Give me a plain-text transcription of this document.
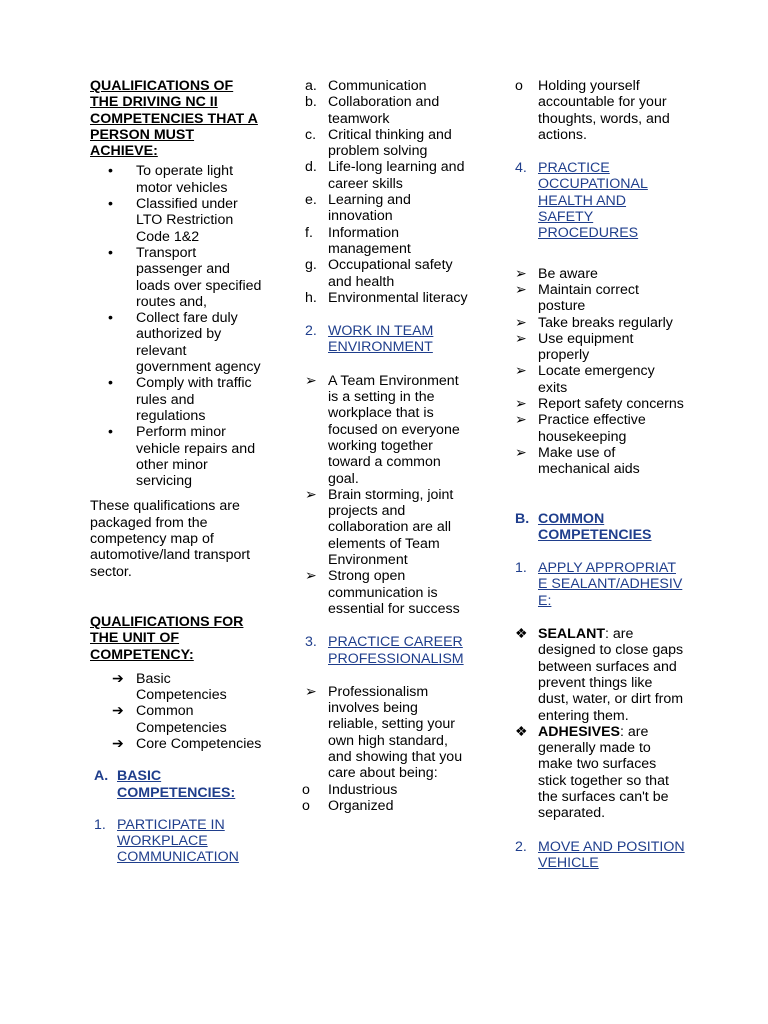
QUALIFICATIONS OF THE DRIVING NC II COMPETENCIES THAT A PERSON MUST ACHIEVE:

•	To operate light motor vehicles
•	Classified under LTO Restriction Code 1&2
•	Transport passenger and loads over specified routes and,
•	Collect fare duly authorized by relevant government agency
•	Comply with traffic rules and regulations
•	Perform minor vehicle repairs and other minor servicing

These qualifications are packaged from the competency map of automotive/land transport sector.

QUALIFICATIONS FOR THE UNIT OF COMPETENCY:

➔ Basic Competencies
➔ Common Competencies
➔ Core Competencies
A. BASIC COMPETENCIES:
1. PARTICIPATE IN WORKPLACE COMMUNICATION
a. Communication
b. Collaboration and teamwork
c. Critical thinking and problem solving
d. Life-long learning and career skills
e. Learning and innovation
f.	Information management
g. Occupational safety and health
h. Environmental literacy
2. WORK IN TEAM ENVIRONMENT
➢ A Team Environment is a setting in the workplace that is focused on everyone working together toward a common goal.
➢ Brain storming, joint projects and collaboration are all elements of Team Environment
➢ Strong open communication is essential for success
3. PRACTICE CAREER PROFESSIONALISM
➢ Professionalism involves being reliable, setting your own high standard, and showing that you care about being:
o	Industrious
o	Organized
o	Holding yourself accountable for your thoughts, words, and actions.
4. PRACTICE OCCUPATIONAL HEALTH AND SAFETY PROCEDURES
➢ Be aware
➢ Maintain correct posture
➢ Take breaks regularly
➢ Use equipment properly
➢ Locate emergency exits
➢ Report safety concerns
➢ Practice effective housekeeping
➢ Make use of mechanical aids
B. COMMON COMPETENCIES
1. APPLY APPROPRIATE SEALANT/ADHESIVE:
❖ SEALANT: are designed to close gaps between surfaces and prevent things like dust, water, or dirt from entering them.
❖ ADHESIVES: are generally made to make two surfaces stick together so that the surfaces can't be separated.
2. MOVE AND POSITION VEHICLE
